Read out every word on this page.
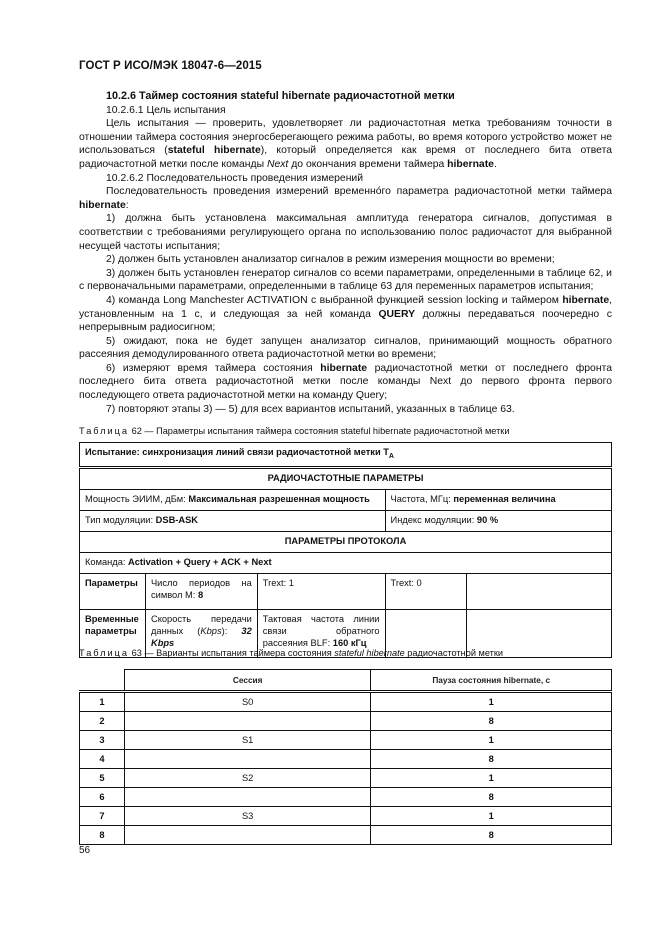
ГОСТ Р ИСО/МЭК 18047-6—2015

10.2.6 Таймер состояния stateful hibernate радиочастотной метки

10.2.6.1 Цель испытания

Цель испытания — проверить, удовлетворяет ли радиочастотная метка требованиям точности в отношении таймера состояния энергосберегающего режима работы, во время которого устройство может не использоваться (stateful hibernate), который определяется как время от последнего бита ответа радиочастотной метки после команды Next до окончания времени таймера hibernate.

10.2.6.2 Последовательность проведения измерений

Последовательность проведения измерений временно́го параметра радиочастотной метки таймера hibernate:

1) должна быть установлена максимальная амплитуда генератора сигналов, допустимая в соответствии с требованиями регулирующего органа по использованию полос радиочастот для выбранной несущей частоты испытания;

2) должен быть установлен анализатор сигналов в режим измерения мощности во времени;

3) должен быть установлен генератор сигналов со всеми параметрами, определенными в таблице 62, и с первоначальными параметрами, определенными в таблице 63 для переменных параметров испытания;

4) команда Long Manchester ACTIVATION с выбранной функцией session locking и таймером hibernate, установленным на 1 с, и следующая за ней команда QUERY должны передаваться поочередно с непрерывным радиосигном;

5) ожидают, пока не будет запущен анализатор сигналов, принимающий мощность обратного рассеяния демодулированного ответа радиочастотной метки во времени;

6) измеряют время таймера состояния hibernate радиочастотной метки от последнего фронта последнего бита ответа радиочастотной метки после команды Next до первого фронта первого последующего ответа радиочастотной метки на команду Query;

7) повторяют этапы 3) — 5) для всех вариантов испытаний, указанных в таблице 63.

Таблица 62 — Параметры испытания таймера состояния stateful hibernate радиочастотной метки
Испытание: синхронизация линий связи радиочастотной метки $T_A$
РАДИОЧАСТОТНЫЕ ПАРАМЕТРЫ				
Мощность ЭИИМ, дБм: Максимальная разрешенная мощность			Частота, МГц: переменная величина	
Тип модуляции: DSB-ASK			Индекс модуляции: 90 %	
ПАРАМЕТРЫ ПРОТОКОЛА				
Команда: Activation + Query + ACK + Next				
Параметры	Число периодов на символ M: 8	Trext: 1	Trext: 0	
Временные параметры	Скорость передачи данных (Kbps): 32 Kbps	Тактовая частота линии связи обратного рассеяния BLF: 160 кГц		
Таблица 63 — Варианты испытания таймера состояния stateful hibernate радиочастотной метки
	Сессия	Пауза состояния hibernate, с
1	S0	1
2		8
3	S1	1
4		8
5	S2	1
6		8
7	S3	1
8		8
56
